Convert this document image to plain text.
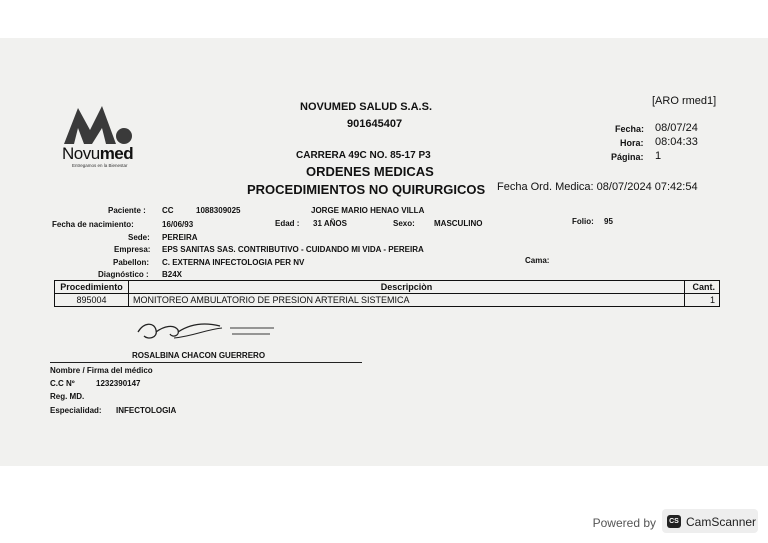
Novumed
Entregamos en la Bienestar
NOVUMED SALUD S.A.S.
901645407
CARRERA 49C NO. 85-17 P3
ORDENES MEDICAS
PROCEDIMIENTOS NO QUIRURGICOS Fecha Ord. Medica: 08/07/2024 07:42:54
[ARO rmed1]
Fecha: 08/07/24
Hora: 08:04:33
Página: 1
Paciente : CC	1088309025	JORGE MARIO HENAO VILLA
Fecha de nacimiento:	16/06/93	Edad : 31 AÑOS	Sexo: MASCULINO	Folio: 95
Sede: PEREIRA
Empresa: EPS SANITAS SAS. CONTRIBUTIVO - CUIDANDO MI VIDA - PEREIRA
Pabellon: C. EXTERNA INFECTOLOGIA PER NV	Cama:
Diagnóstico : B24X
Procedimiento	Descripciòn	Cant.
895004	MONITOREO AMBULATORIO DE PRESION ARTERIAL SISTEMICA	1
ROSALBINA CHACON GUERRERO
Nombre / Firma del médico
C.C Nº	1232390147
Reg. MD.
Especialidad: INFECTOLOGIA
Powered by	CS CamScanner
